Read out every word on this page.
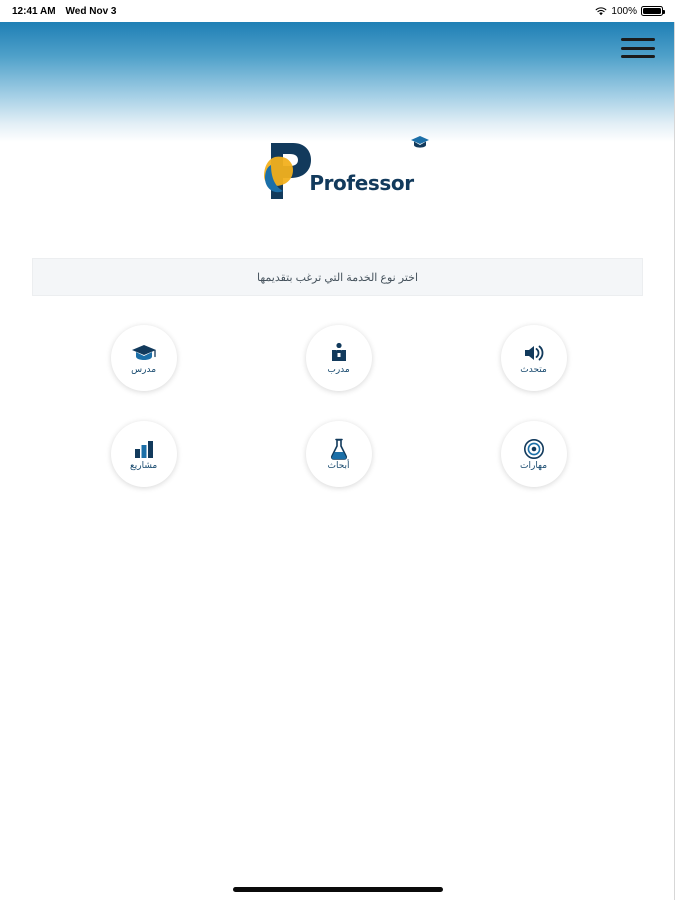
12:41 AM Wed Nov 3	100%
Professor
اختر نوع الخدمة التي ترغب بتقديمها
متحدث
مدرب
مدرس
مهارات
أبحاث
مشاريع
